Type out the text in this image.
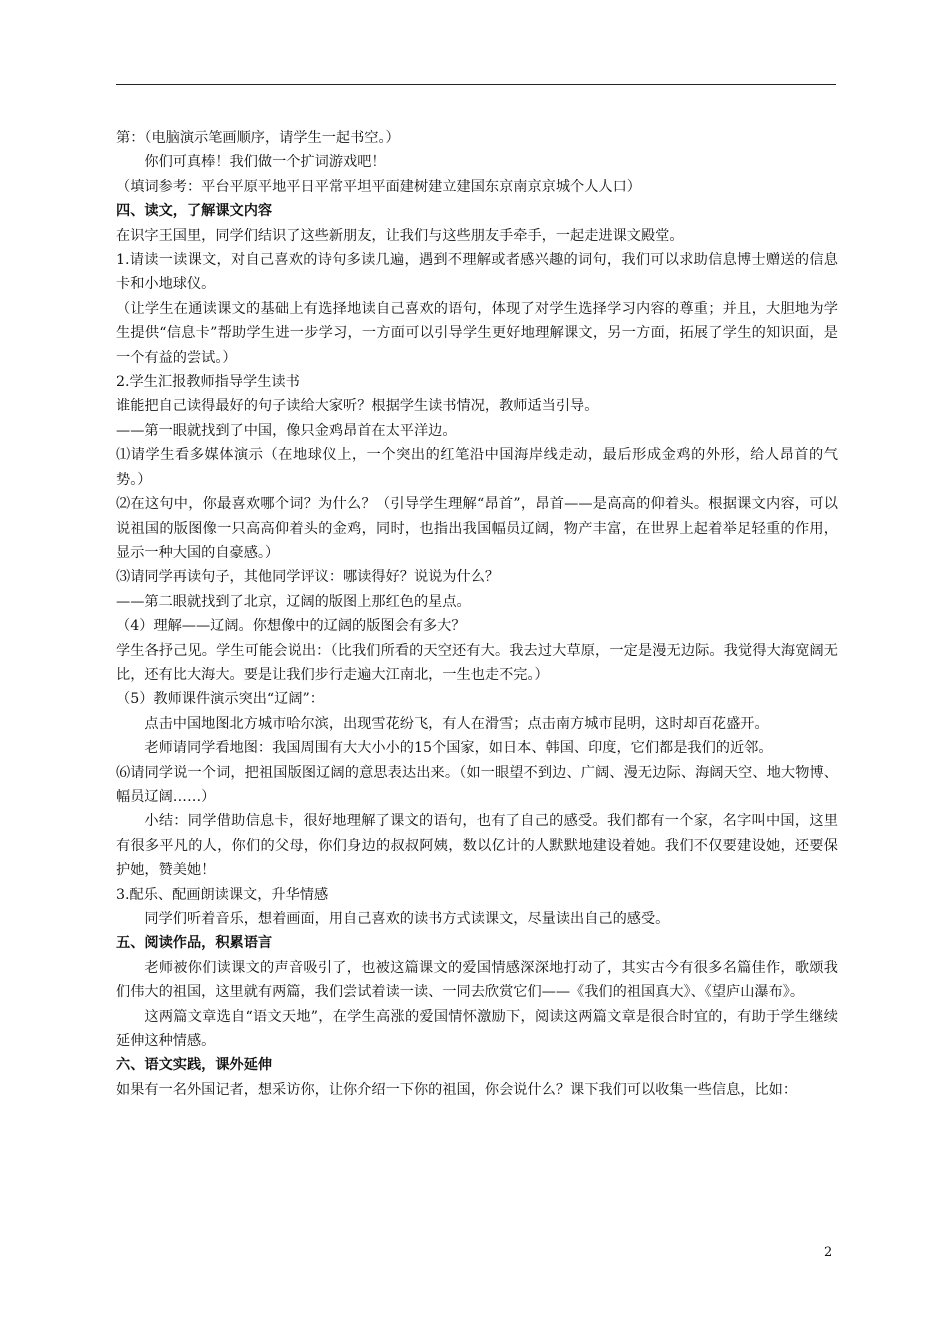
第：（电脑演示笔画顺序，请学生一起书空。）

你们可真棒！我们做一个扩词游戏吧！

（填词参考：平台平原平地平日平常平坦平面建树建立建国东京南京京城个人人口）

四、读文，了解课文内容

在识字王国里，同学们结识了这些新朋友，让我们与这些朋友手牵手，一起走进课文殿堂。

1.请读一读课文，对自己喜欢的诗句多读几遍，遇到不理解或者感兴趣的词句，我们可以求助信息博士赠送的信息卡和小地球仪。

（让学生在通读课文的基础上有选择地读自己喜欢的语句，体现了对学生选择学习内容的尊重；并且，大胆地为学生提供“信息卡”帮助学生进一步学习，一方面可以引导学生更好地理解课文，另一方面，拓展了学生的知识面，是一个有益的尝试。）

2.学生汇报教师指导学生读书

谁能把自己读得最好的句子读给大家听？根据学生读书情况，教师适当引导。

——第一眼就找到了中国，像只金鸡昂首在太平洋边。

⑴请学生看多媒体演示（在地球仪上，一个突出的红笔沿中国海岸线走动，最后形成金鸡的外形，给人昂首的气势。）

⑵在这句中，你最喜欢哪个词？为什么？（引导学生理解“昂首”，昂首——是高高的仰着头。根据课文内容，可以说祖国的版图像一只高高仰着头的金鸡，同时，也指出我国幅员辽阔，物产丰富，在世界上起着举足轻重的作用，显示一种大国的自豪感。）

⑶请同学再读句子，其他同学评议：哪读得好？说说为什么？

——第二眼就找到了北京，辽阔的版图上那红色的星点。

（4）理解——辽阔。你想像中的辽阔的版图会有多大？

学生各抒己见。学生可能会说出：（比我们所看的天空还有大。我去过大草原，一定是漫无边际。我觉得大海宽阔无比，还有比大海大。要是让我们步行走遍大江南北，一生也走不完。）

（5）教师课件演示突出“辽阔”：

点击中国地图北方城市哈尔滨，出现雪花纷飞，有人在滑雪；点击南方城市昆明，这时却百花盛开。

老师请同学看地图：我国周围有大大小小的15个国家，如日本、韩国、印度，它们都是我们的近邻。

⑹请同学说一个词，把祖国版图辽阔的意思表达出来。（如一眼望不到边、广阔、漫无边际、海阔天空、地大物博、幅员辽阔……）

小结：同学借助信息卡，很好地理解了课文的语句，也有了自己的感受。我们都有一个家，名字叫中国，这里有很多平凡的人，你们的父母，你们身边的叔叔阿姨，数以亿计的人默默地建设着她。我们不仅要建设她，还要保护她，赞美她！

3.配乐、配画朗读课文，升华情感

同学们听着音乐，想着画面，用自己喜欢的读书方式读课文，尽量读出自己的感受。

五、阅读作品，积累语言

老师被你们读课文的声音吸引了，也被这篇课文的爱国情感深深地打动了，其实古今有很多名篇佳作，歌颂我们伟大的祖国，这里就有两篇，我们尝试着读一读、一同去欣赏它们——《我们的祖国真大》、《望庐山瀑布》。

这两篇文章选自“语文天地”，在学生高涨的爱国情怀激励下，阅读这两篇文章是很合时宜的，有助于学生继续延伸这种情感。

六、语文实践，课外延伸

如果有一名外国记者，想采访你，让你介绍一下你的祖国，你会说什么？课下我们可以收集一些信息，比如：

2
